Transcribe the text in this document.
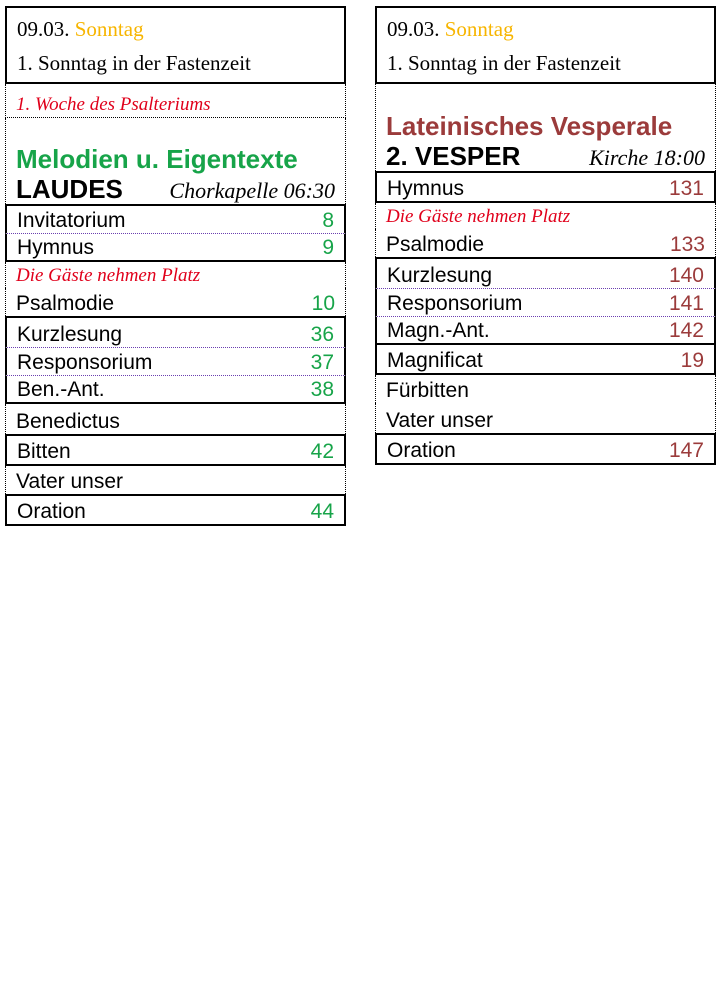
09.03. Sonntag
1. Sonntag in der Fastenzeit
1. Woche des Psalteriums
Melodien u. Eigentexte
LAUDES Chorkapelle 06:30
Invitatorium	8
Hymnus	9
Die Gäste nehmen Platz
Psalmodie	10
Kurzlesung	36
Responsorium	37
Ben.-Ant.	38
Benedictus
Bitten	42
Vater unser
Oration	44
09.03. Sonntag
1. Sonntag in der Fastenzeit
Lateinisches Vesperale
2. VESPER	Kirche 18:00
Hymnus	131
Die Gäste nehmen Platz
Psalmodie	133
Kurzlesung	140
Responsorium	141
Magn.-Ant.	142
Magnificat	19
Fürbitten
Vater unser
Oration	147
